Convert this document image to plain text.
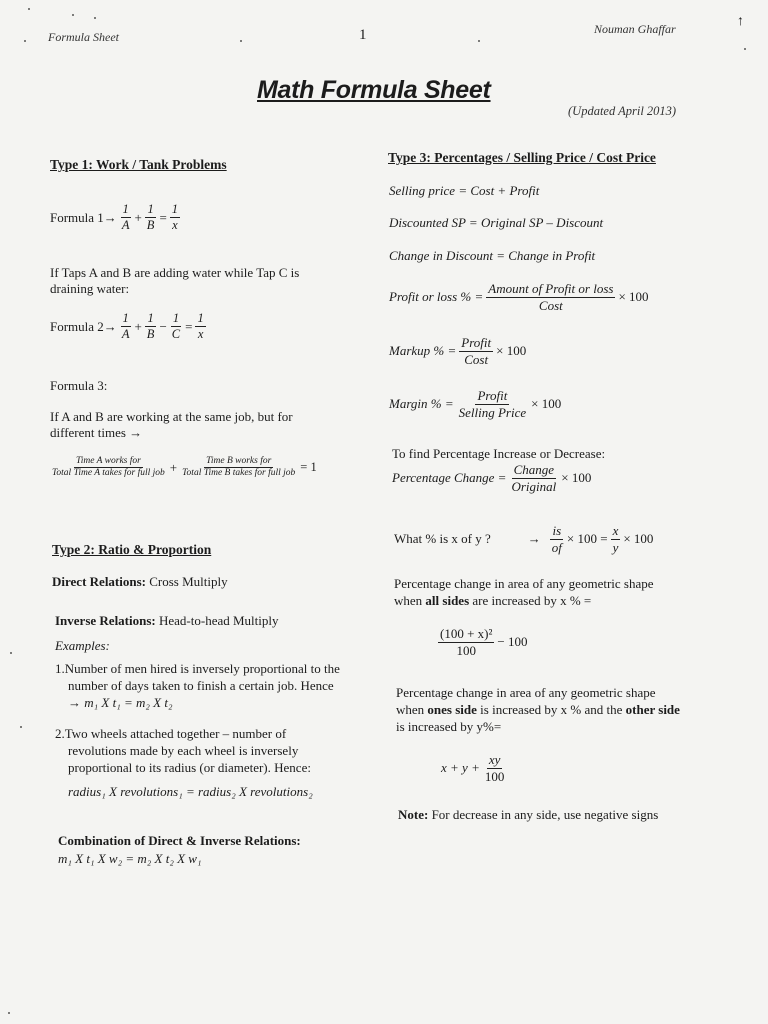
Formula Sheet	1	Nouman Ghaffar	↑
Math Formula Sheet
(Updated April 2013)
Type 1: Work / Tank Problems
Formula $1\to \frac{1}{A} + \frac{1}{B} = \frac{1}{x}$
If Taps A and B are adding water while Tap C is
draining water:
Formula $2\to \frac{1}{A} + \frac{1}{B} - \frac{1}{C} = \frac{1}{x}$
Formula 3:
If A and B are working at the same job, but for
different times →
$\frac{\text{Time A works for}}{\text{Total Time A takes for full job}} + \frac{\text{Time B works for}}{\text{Total Time B takes for full job}} = 1$
Type 2: Ratio & Proportion
Direct Relations: Cross Multiply
Inverse Relations: Head-to-head Multiply
Examples:
1.Number of men hired is inversely proportional to the
number of days taken to finish a certain job. Hence
→ m₁ X t₁ = m₂ X t₂
2.Two wheels attached together – number of
revolutions made by each wheel is inversely
proportional to its radius (or diameter). Hence:
radius₁ X revolutions₁ = radius₂ X revolutions₂
Combination of Direct & Inverse Relations:
m₁ X t₁ X w₂ = m₂ X t₂ X w₁
Type 3: Percentages / Selling Price / Cost Price
Selling price = Cost + Profit
Discounted SP = Original SP – Discount
Change in Discount = Change in Profit
Profit or loss % = $\frac{\text{Amount of Profit or loss}}{\text{Cost}} \times 100$
Markup % = $\frac{\text{Profit}}{\text{Cost}} \times 100$
Margin % = $\frac{\text{Profit}}{\text{Selling Price}} \times 100$
To find Percentage Increase or Decrease:
Percentage Change = $\frac{\text{Change}}{\text{Original}} \times 100$
What % is x of y ?	→ $\frac{is}{of} \times 100 = \frac{x}{y} \times 100$
Percentage change in area of any geometric shape
when all sides are increased by x % =
$\frac{\text{(100 + x)²}}{100} - 100$
Percentage change in area of any geometric shape
when ones side is increased by x % and the other side
is increased by y%=
$x + y + \frac{xy}{100}$
Note: For decrease in any side, use negative signs
